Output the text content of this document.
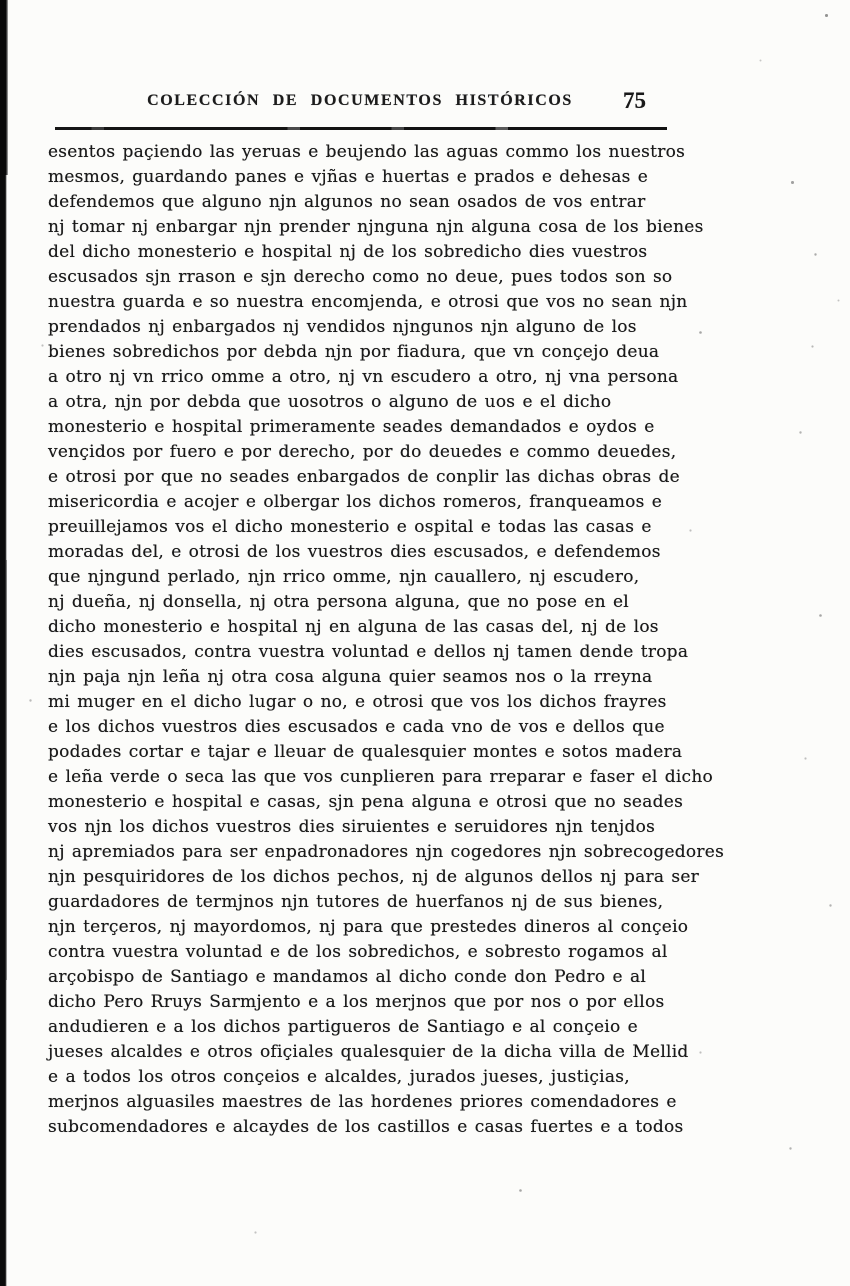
COLECCIÓN DE DOCUMENTOS HISTÓRICOS 75
esentos paçiendo las yeruas e beujendo las aguas commo los nuestros
mesmos, guardando panes e vjñas e huertas e prados e dehesas e
defendemos que alguno njn algunos no sean osados de vos entrar
nj tomar nj enbargar njn prender njnguna njn alguna cosa de los bienes
del dicho monesterio e hospital nj de los sobredicho dies vuestros
escusados sjn rrason e sjn derecho como no deue, pues todos son so
nuestra guarda e so nuestra encomjenda, e otrosi que vos no sean njn
prendados nj enbargados nj vendidos njngunos njn alguno de los
bienes sobredichos por debda njn por fiadura, que vn conçejo deua
a otro nj vn rrico omme a otro, nj vn escudero a otro, nj vna persona
a otra, njn por debda que uosotros o alguno de uos e el dicho
monesterio e hospital primeramente seades demandados e oydos e
vençidos por fuero e por derecho, por do deuedes e commo deuedes,
e otrosi por que no seades enbargados de conplir las dichas obras de
misericordia e acojer e olbergar los dichos romeros, franqueamos e
preuillejamos vos el dicho monesterio e ospital e todas las casas e
moradas del, e otrosi de los vuestros dies escusados, e defendemos
que njngund perlado, njn rrico omme, njn cauallero, nj escudero,
nj dueña, nj donsella, nj otra persona alguna, que no pose en el
dicho monesterio e hospital nj en alguna de las casas del, nj de los
dies escusados, contra vuestra voluntad e dellos nj tamen dende tropa
njn paja njn leña nj otra cosa alguna quier seamos nos o la rreyna
mi muger en el dicho lugar o no, e otrosi que vos los dichos frayres
e los dichos vuestros dies escusados e cada vno de vos e dellos que
podades cortar e tajar e lleuar de qualesquier montes e sotos madera
e leña verde o seca las que vos cunplieren para rreparar e faser el dicho
monesterio e hospital e casas, sjn pena alguna e otrosi que no seades
vos njn los dichos vuestros dies siruientes e seruidores njn tenjdos
nj apremiados para ser enpadronadores njn cogedores njn sobrecogedores
njn pesquiridores de los dichos pechos, nj de algunos dellos nj para ser
guardadores de termjnos njn tutores de huerfanos nj de sus bienes,
njn terçeros, nj mayordomos, nj para que prestedes dineros al conçeio
contra vuestra voluntad e de los sobredichos, e sobresto rogamos al
arçobispo de Santiago e mandamos al dicho conde don Pedro e al
dicho Pero Rruys Sarmjento e a los merjnos que por nos o por ellos
andudieren e a los dichos partigueros de Santiago e al conçeio e
jueses alcaldes e otros ofiçiales qualesquier de la dicha villa de Mellid
e a todos los otros conçeios e alcaldes, jurados jueses, justiçias,
merjnos alguasiles maestres de las hordenes priores comendadores e
subcomendadores e alcaydes de los castillos e casas fuertes e a todos
